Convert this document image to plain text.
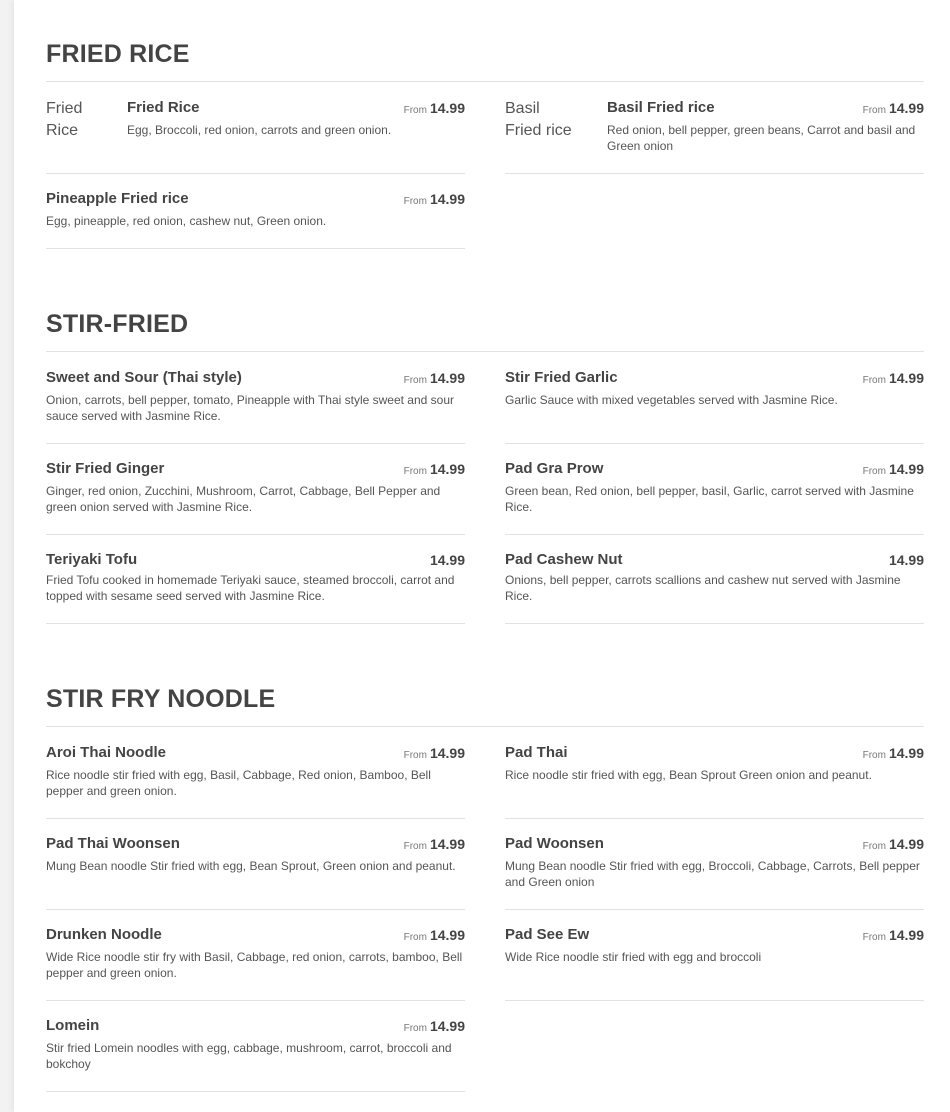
FRIED RICE
Fried Rice
Fried Rice	From 14.99
Egg, Broccoli, red onion, carrots and green onion.
Basil Fried rice
Basil Fried rice	From 14.99
Red onion, bell pepper, green beans, Carrot and basil and Green onion
Pineapple Fried rice	From 14.99
Egg, pineapple, red onion, cashew nut, Green onion.
STIR-FRIED
Sweet and Sour (Thai style)	From 14.99
Onion, carrots, bell pepper, tomato, Pineapple with Thai style sweet and sour sauce served with Jasmine Rice.
Stir Fried Garlic	From 14.99
Garlic Sauce with mixed vegetables served with Jasmine Rice.
Stir Fried Ginger	From 14.99
Ginger, red onion, Zucchini, Mushroom, Carrot, Cabbage, Bell Pepper and green onion served with Jasmine Rice.
Pad Gra Prow	From 14.99
Green bean, Red onion, bell pepper, basil, Garlic, carrot served with Jasmine Rice.
Teriyaki Tofu	14.99
Fried Tofu cooked in homemade Teriyaki sauce, steamed broccoli, carrot and topped with sesame seed served with Jasmine Rice.
Pad Cashew Nut	14.99
Onions, bell pepper, carrots scallions and cashew nut served with Jasmine Rice.
STIR FRY NOODLE
Aroi Thai Noodle	From 14.99
Rice noodle stir fried with egg, Basil, Cabbage, Red onion, Bamboo, Bell pepper and green onion.
Pad Thai	From 14.99
Rice noodle stir fried with egg, Bean Sprout Green onion and peanut.
Pad Thai Woonsen	From 14.99
Mung Bean noodle Stir fried with egg, Bean Sprout, Green onion and peanut.
Pad Woonsen	From 14.99
Mung Bean noodle Stir fried with egg, Broccoli, Cabbage, Carrots, Bell pepper and Green onion
Drunken Noodle	From 14.99
Wide Rice noodle stir fry with Basil, Cabbage, red onion, carrots, bamboo, Bell pepper and green onion.
Pad See Ew	From 14.99
Wide Rice noodle stir fried with egg and broccoli
Lomein	From 14.99
Stir fried Lomein noodles with egg, cabbage, mushroom, carrot, broccoli and bokchoy
